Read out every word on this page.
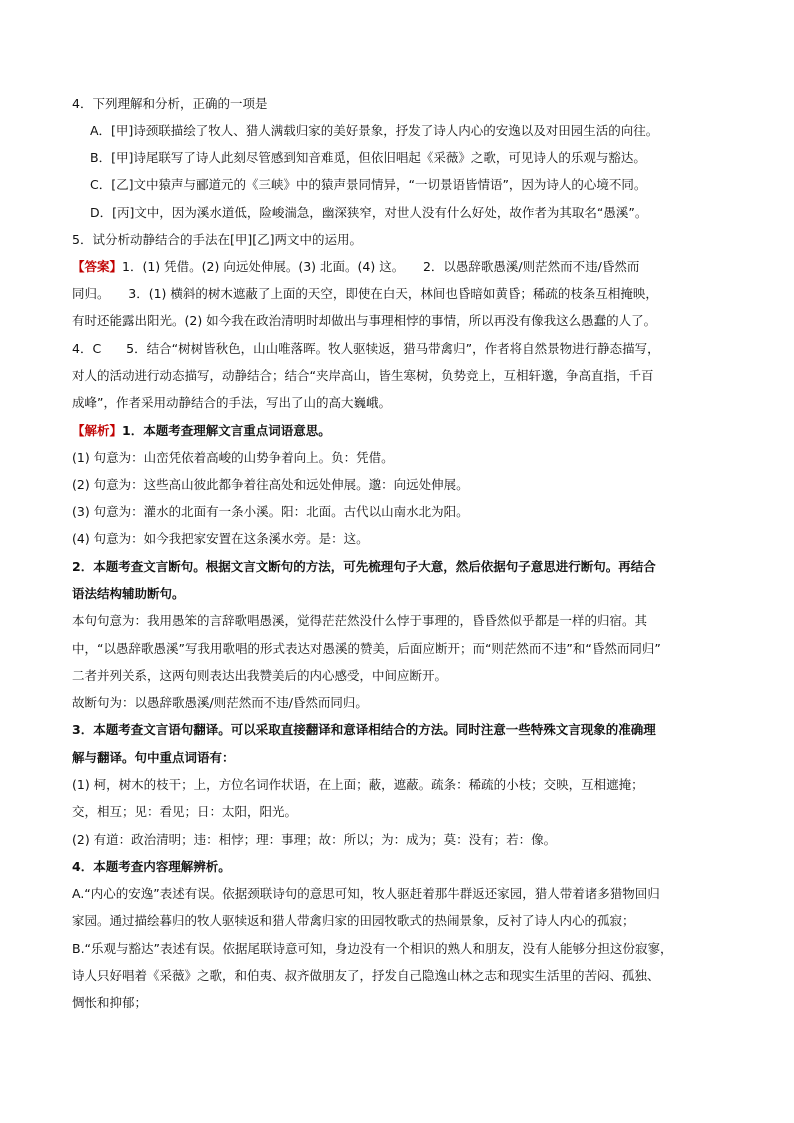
4．下列理解和分析，正确的一项是
A．[甲]诗颈联描绘了牧人、猎人满载归家的美好景象，抒发了诗人内心的安逸以及对田园生活的向往。
B．[甲]诗尾联写了诗人此刻尽管感到知音难觅，但依旧唱起《采薇》之歌，可见诗人的乐观与豁达。
C．[乙]文中猿声与郦道元的《三峡》中的猿声景同情异，“一切景语皆情语”，因为诗人的心境不同。
D．[丙]文中，因为溪水道低，险峻湍急，幽深狭窄，对世人没有什么好处，故作者为其取名“愚溪”。
5．试分析动静结合的手法在[甲][乙]两文中的运用。
【答案】1．(1) 凭借。(2) 向远处伸展。(3) 北面。(4) 这。　　2．以愚辞歌愚溪/则茫然而不违/昏然而
同归。　　3．(1) 横斜的树木遮蔽了上面的天空，即使在白天，林间也昏暗如黄昏；稀疏的枝条互相掩映，
有时还能露出阳光。(2) 如今我在政治清明时却做出与事理相悖的事情，所以再没有像我这么愚蠢的人了。
4．C　　5．结合“树树皆秋色，山山唯落晖。牧人驱犊返，猎马带禽归”，作者将自然景物进行静态描写，
对人的活动进行动态描写，动静结合；结合“夹岸高山，皆生寒树，负势竞上，互相轩邈，争高直指，千百
成峰”，作者采用动静结合的手法，写出了山的高大巍峨。
【解析】1．本题考查理解文言重点词语意思。
(1) 句意为：山峦凭依着高峻的山势争着向上。负：凭借。
(2) 句意为：这些高山彼此都争着往高处和远处伸展。邈：向远处伸展。
(3) 句意为：灌水的北面有一条小溪。阳：北面。古代以山南水北为阳。
(4) 句意为：如今我把家安置在这条溪水旁。是：这。
2．本题考查文言断句。根据文言文断句的方法，可先梳理句子大意，然后依据句子意思进行断句。再结合
语法结构辅助断句。
本句句意为：我用愚笨的言辞歌唱愚溪，觉得茫茫然没什么悖于事理的，昏昏然似乎都是一样的归宿。其
中，“以愚辞歌愚溪”写我用歌唱的形式表达对愚溪的赞美，后面应断开；而“则茫然而不违”和“昏然而同归”
二者并列关系，这两句则表达出我赞美后的内心感受，中间应断开。
故断句为：以愚辞歌愚溪/则茫然而不违/昏然而同归。
3．本题考查文言语句翻译。可以采取直接翻译和意译相结合的方法。同时注意一些特殊文言现象的准确理
解与翻译。句中重点词语有：
(1) 柯，树木的枝干；上，方位名词作状语，在上面；蔽，遮蔽。疏条：稀疏的小枝；交映，互相遮掩；
交，相互；见：看见；日：太阳，阳光。
(2) 有道：政治清明；违：相悖；理：事理；故：所以；为：成为；莫：没有；若：像。
4．本题考查内容理解辨析。
A.“内心的安逸”表述有误。依据颈联诗句的意思可知，牧人驱赶着那牛群返还家园，猎人带着诸多猎物回归
家园。通过描绘暮归的牧人驱犊返和猎人带禽归家的田园牧歌式的热闹景象，反衬了诗人内心的孤寂；
B.“乐观与豁达”表述有误。依据尾联诗意可知，身边没有一个相识的熟人和朋友，没有人能够分担这份寂寥，
诗人只好唱着《采薇》之歌，和伯夷、叔齐做朋友了，抒发自己隐逸山林之志和现实生活里的苦闷、孤独、
惆怅和抑郁；
